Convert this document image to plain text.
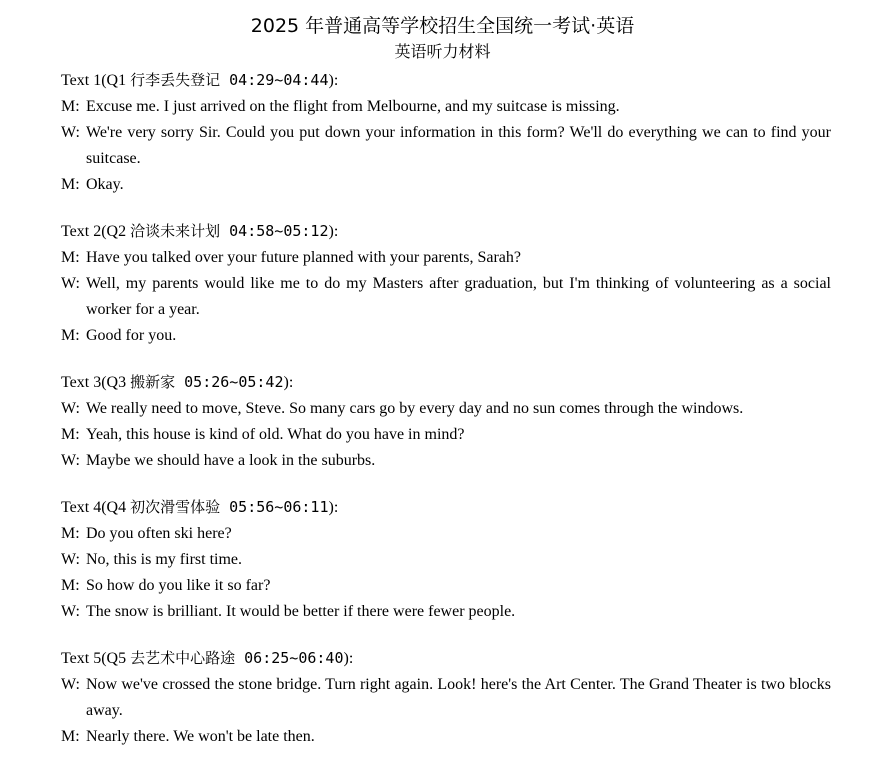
2025 年普通高等学校招生全国统一考试·英语
英语听力材料
Text 1(Q1 行李丢失登记 04:29~04:44):
M: Excuse me. I just arrived on the flight from Melbourne, and my suitcase is missing.
W: We're very sorry Sir. Could you put down your information in this form? We'll do everything we can to find your suitcase.
M: Okay.
Text 2(Q2 洽谈未来计划 04:58~05:12):
M: Have you talked over your future planned with your parents, Sarah?
W: Well, my parents would like me to do my Masters after graduation, but I'm thinking of volunteering as a social worker for a year.
M: Good for you.
Text 3(Q3 搬新家 05:26~05:42):
W: We really need to move, Steve. So many cars go by every day and no sun comes through the windows.
M: Yeah, this house is kind of old. What do you have in mind?
W: Maybe we should have a look in the suburbs.
Text 4(Q4 初次滑雪体验 05:56~06:11):
M: Do you often ski here?
W: No, this is my first time.
M: So how do you like it so far?
W: The snow is brilliant. It would be better if there were fewer people.
Text 5(Q5 去艺术中心路途 06:25~06:40):
W: Now we've crossed the stone bridge. Turn right again. Look! here's the Art Center. The Grand Theater is two blocks away.
M: Nearly there. We won't be late then.
